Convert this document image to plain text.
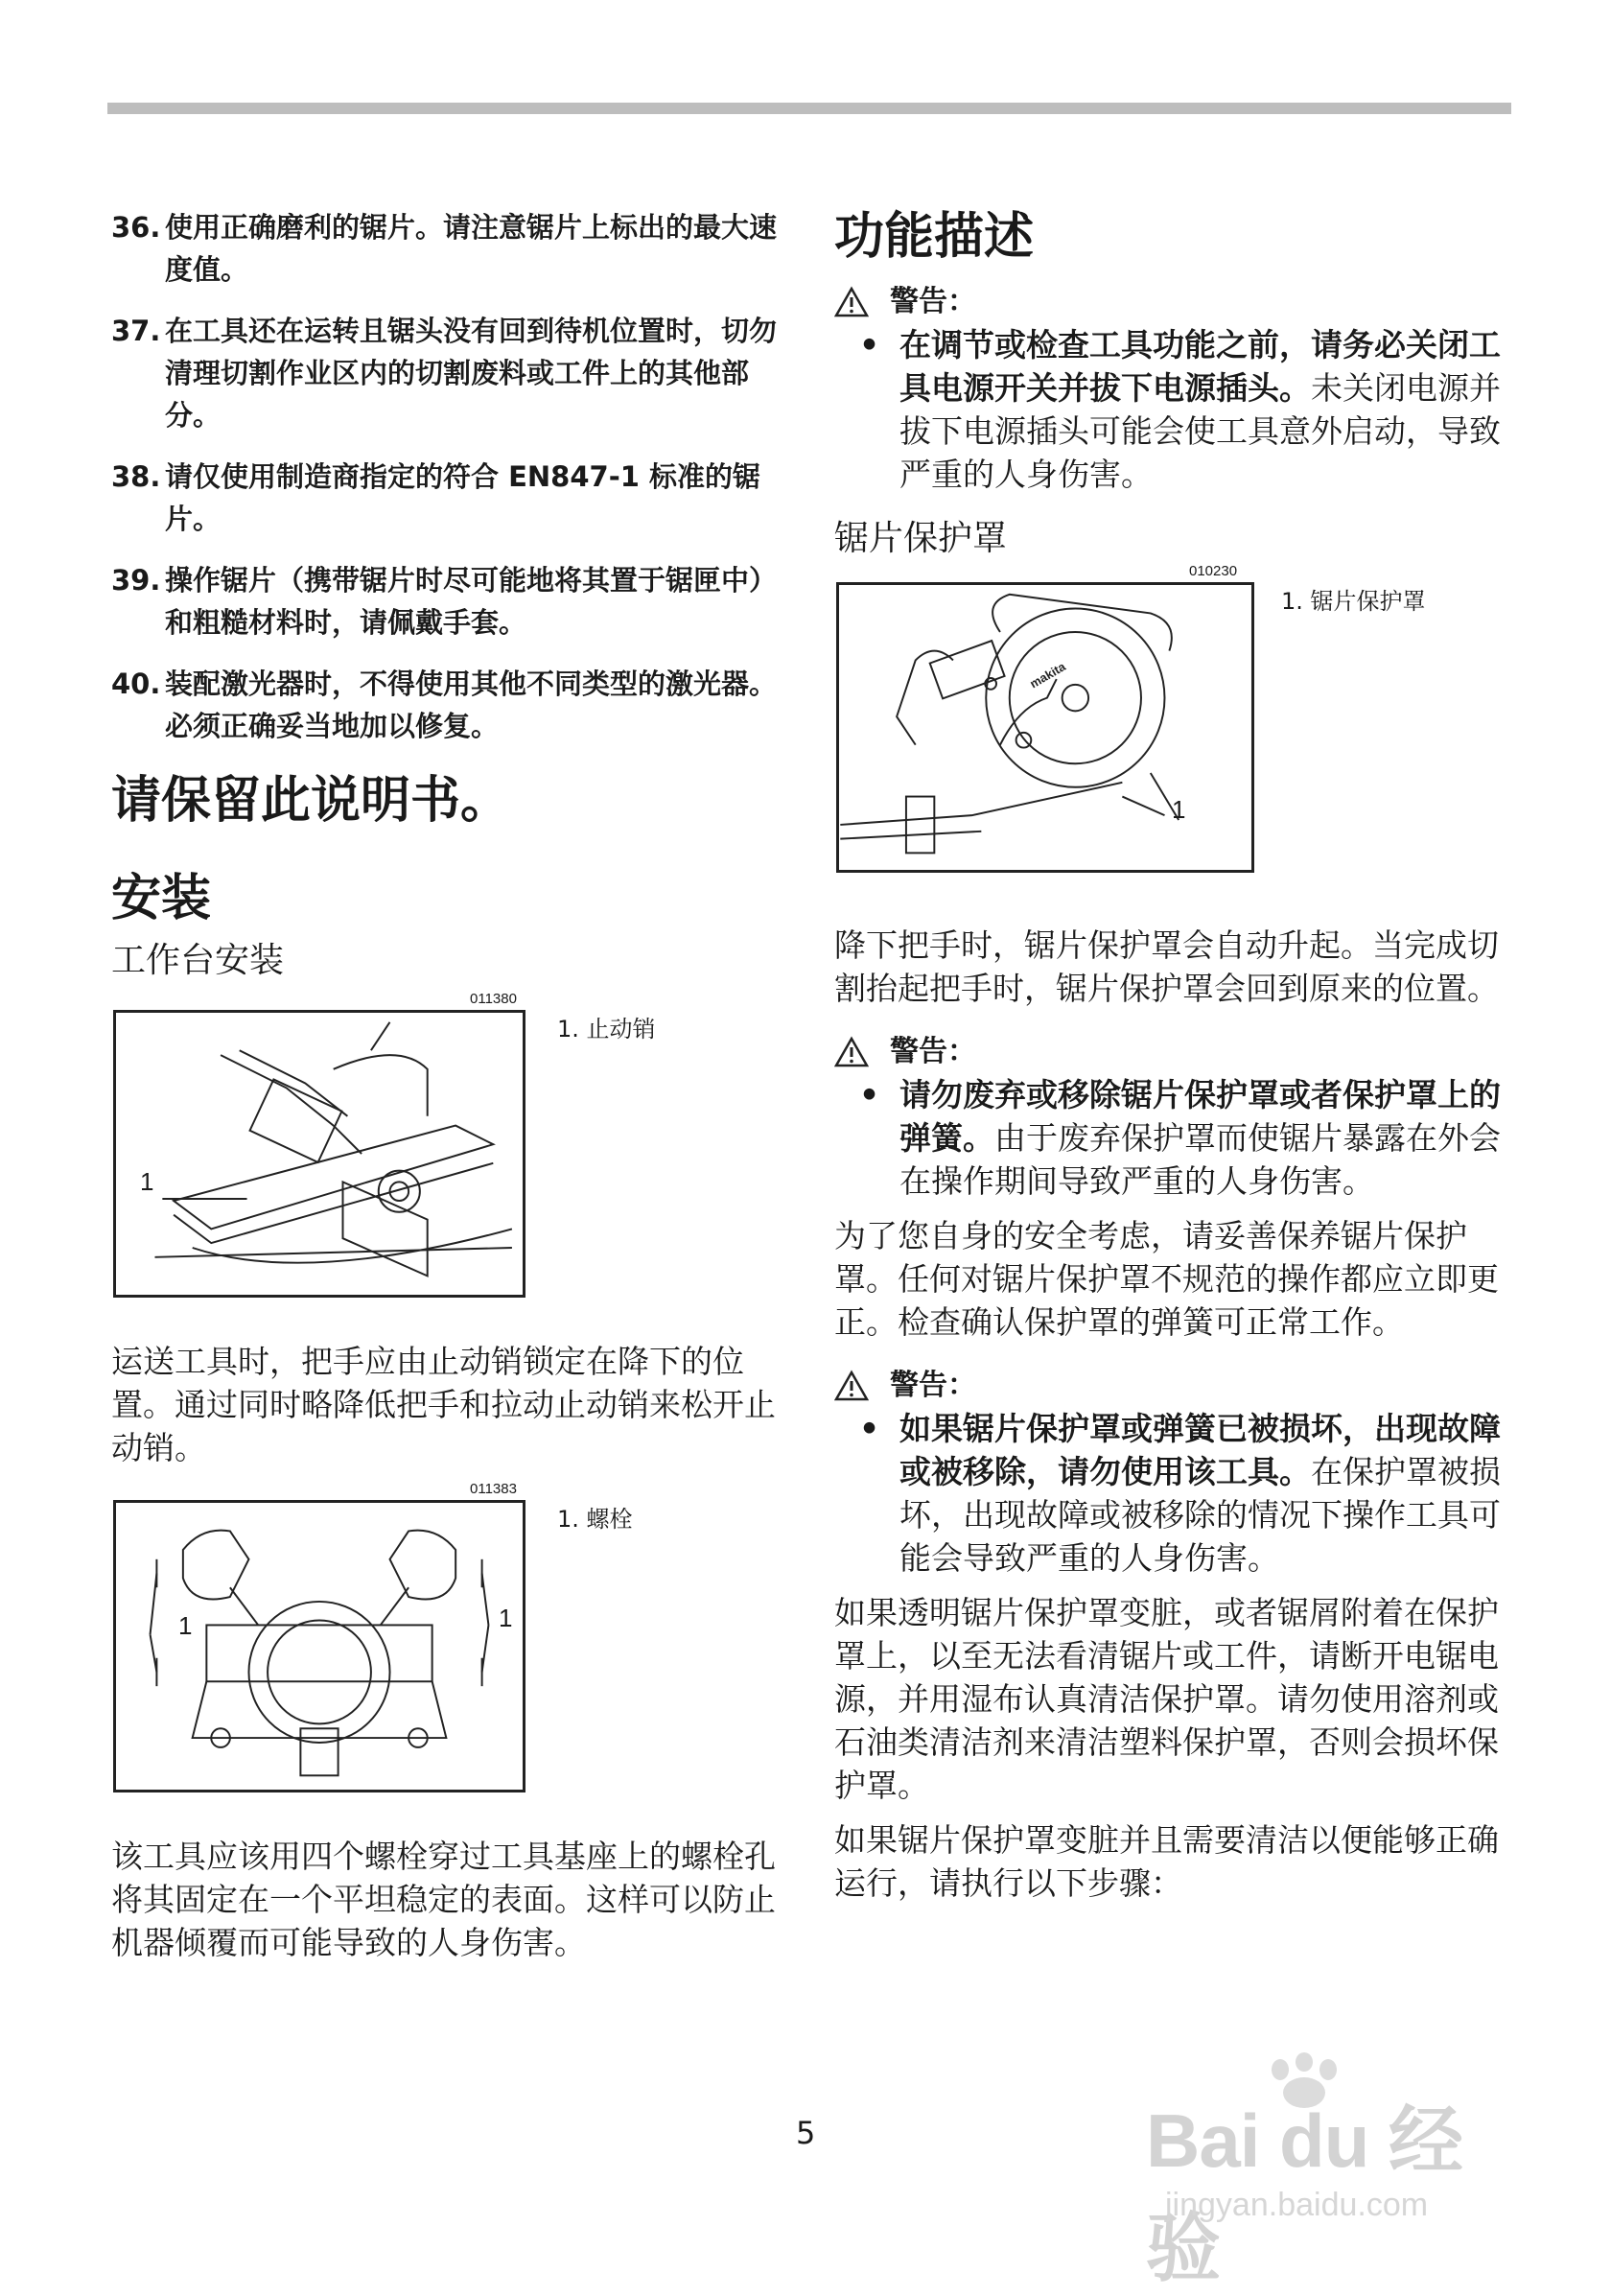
36. 使用正确磨利的锯片。请注意锯片上标出的最大速度值。
37. 在工具还在运转且锯头没有回到待机位置时，切勿清理切割作业区内的切割废料或工件上的其他部分。
38. 请仅使用制造商指定的符合 EN847-1 标准的锯片。
39. 操作锯片（携带锯片时尽可能地将其置于锯匣中）和粗糙材料时，请佩戴手套。
40. 装配激光器时，不得使用其他不同类型的激光器。必须正确妥当地加以修复。
请保留此说明书。
安装
工作台安装
011380
1
1. 止动销
运送工具时，把手应由止动销锁定在降下的位置。通过同时略降低把手和拉动止动销来松开止动销。
011383
1	1
1. 螺栓
该工具应该用四个螺栓穿过工具基座上的螺栓孔将其固定在一个平坦稳定的表面。这样可以防止机器倾覆而可能导致的人身伤害。
功能描述
警告：
• 在调节或检查工具功能之前，请务必关闭工具电源开关并拔下电源插头。未关闭电源并拔下电源插头可能会使工具意外启动，导致严重的人身伤害。
锯片保护罩
010230
makita
1
1. 锯片保护罩
降下把手时，锯片保护罩会自动升起。当完成切割抬起把手时，锯片保护罩会回到原来的位置。
警告：
• 请勿废弃或移除锯片保护罩或者保护罩上的弹簧。由于废弃保护罩而使锯片暴露在外会在操作期间导致严重的人身伤害。
为了您自身的安全考虑，请妥善保养锯片保护罩。任何对锯片保护罩不规范的操作都应立即更正。检查确认保护罩的弹簧可正常工作。
警告：
• 如果锯片保护罩或弹簧已被损坏，出现故障或被移除，请勿使用该工具。在保护罩被损坏，出现故障或被移除的情况下操作工具可能会导致严重的人身伤害。
如果透明锯片保护罩变脏，或者锯屑附着在保护罩上，以至无法看清锯片或工件，请断开电锯电源，并用湿布认真清洁保护罩。请勿使用溶剂或石油类清洁剂来清洁塑料保护罩，否则会损坏保护罩。
如果锯片保护罩变脏并且需要清洁以便能够正确运行，请执行以下步骤：
5	Bai du 经验
jingyan.baidu.com
